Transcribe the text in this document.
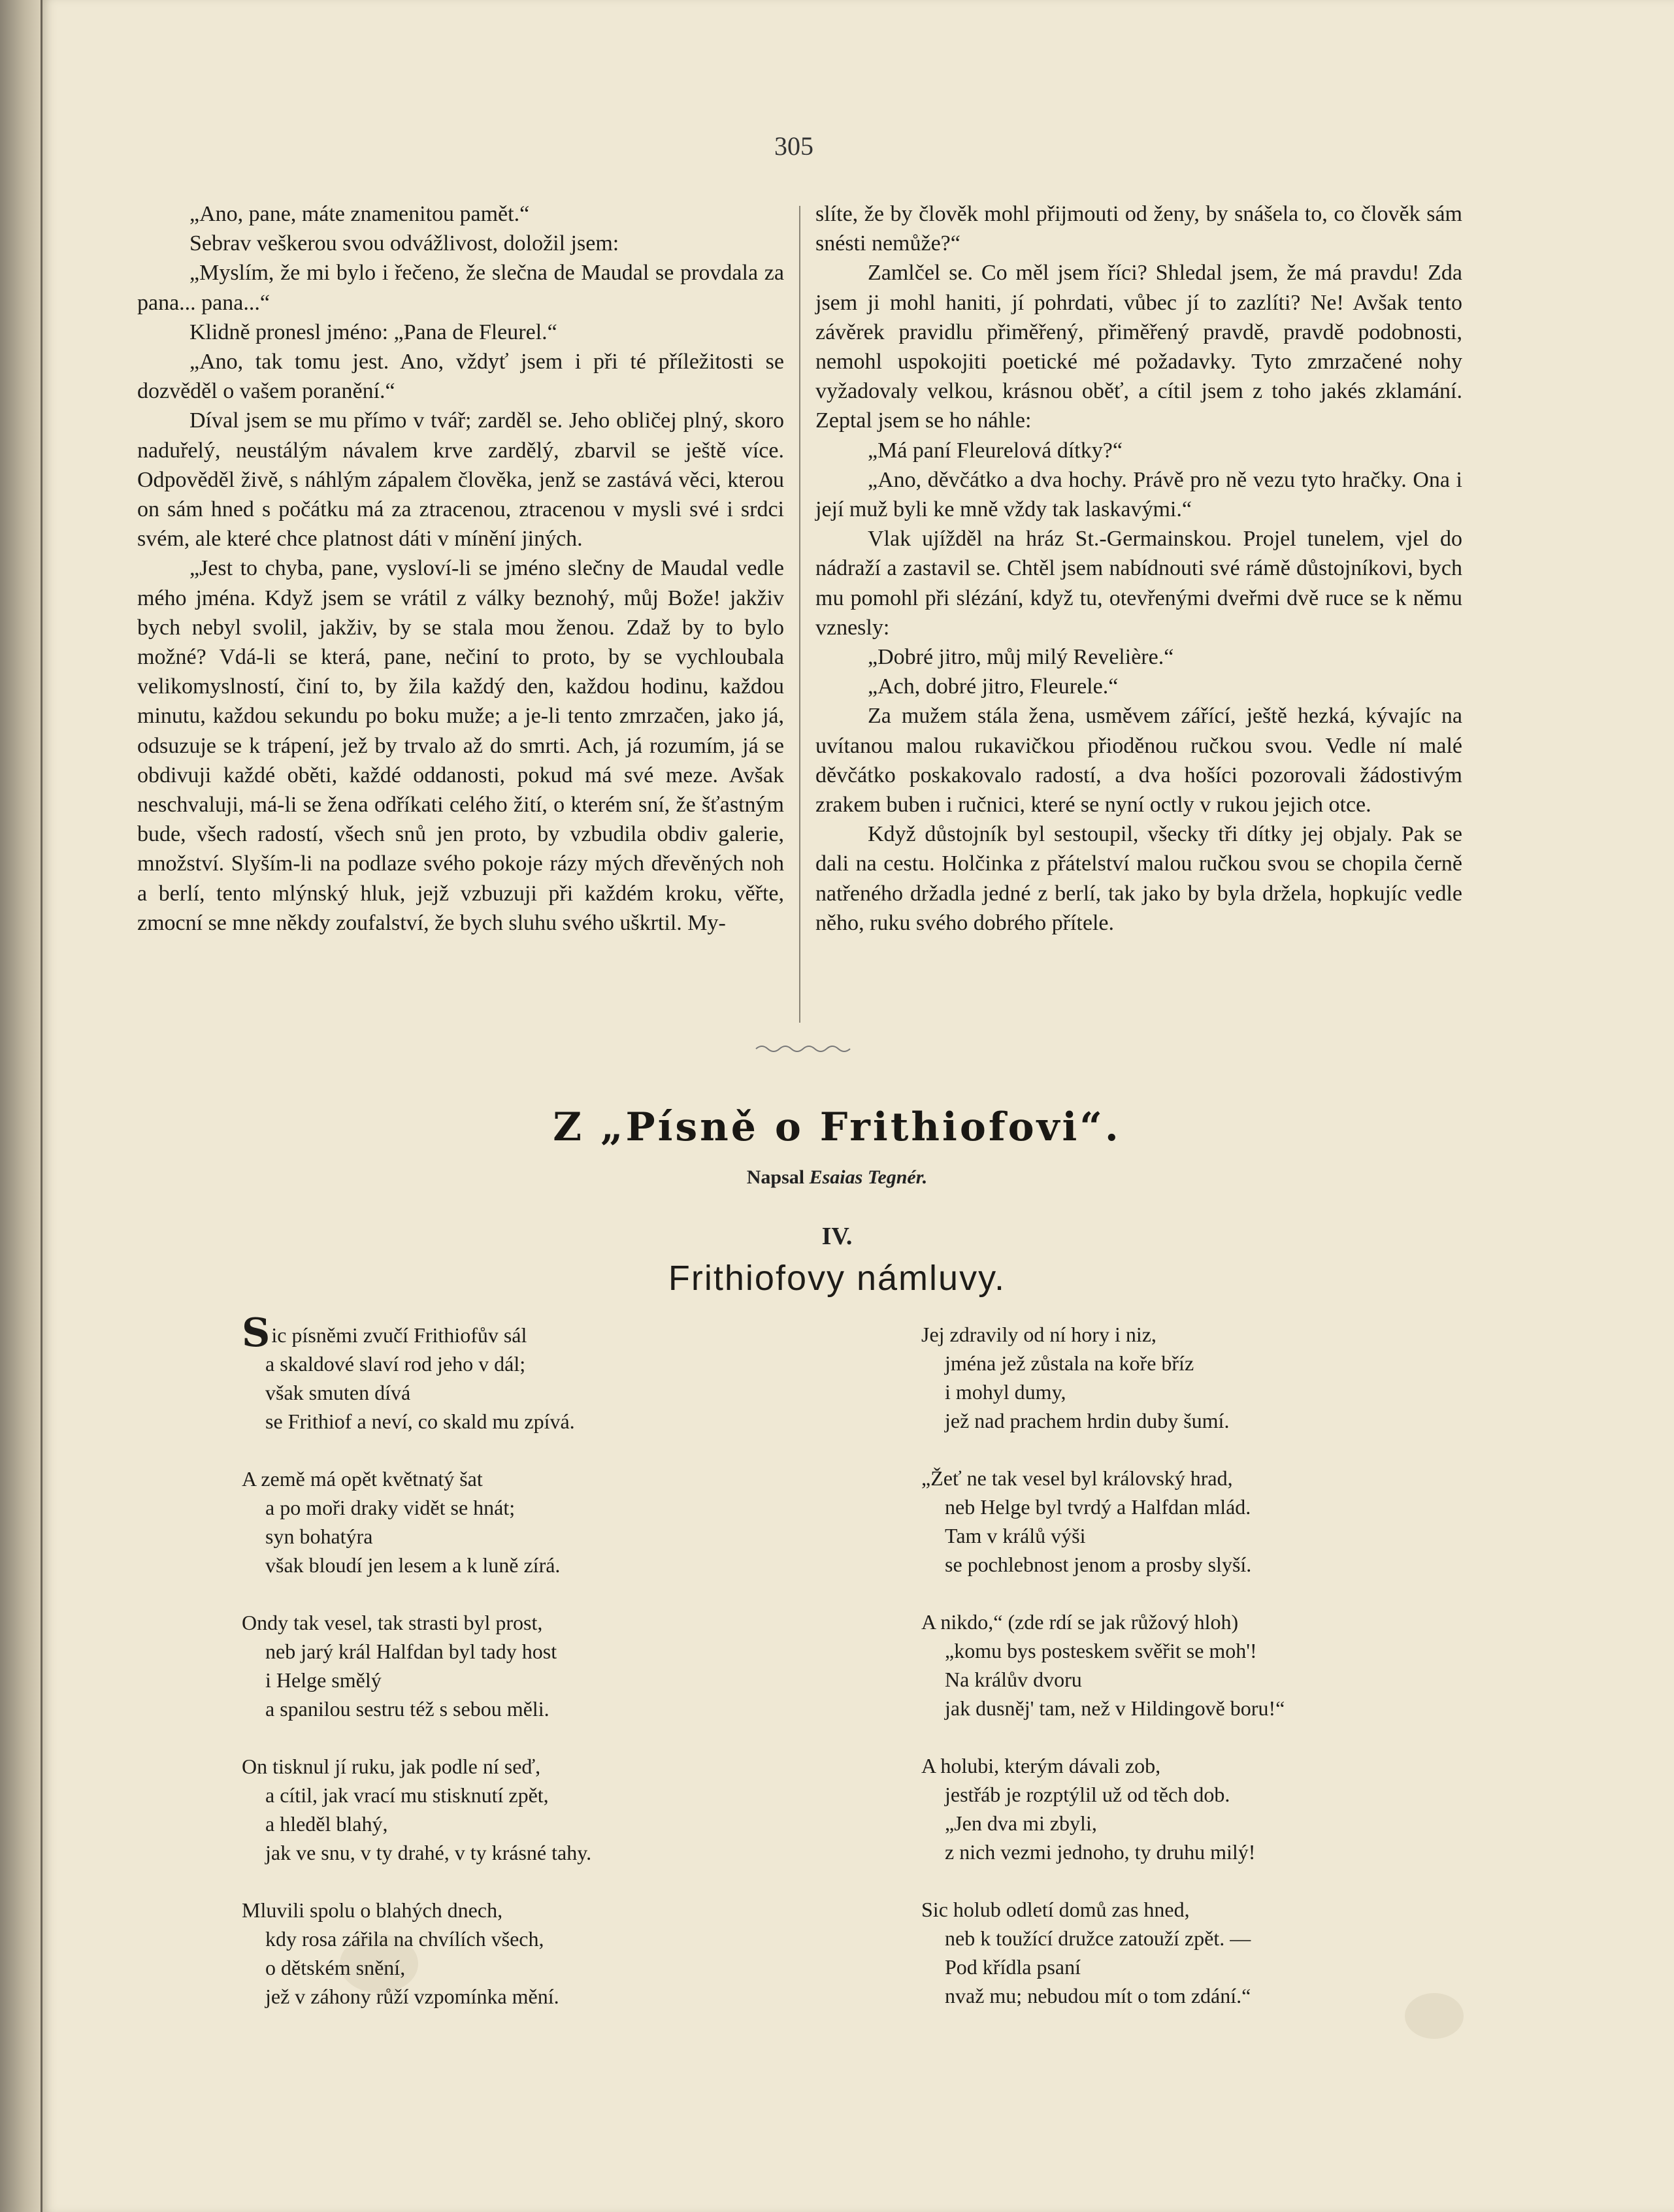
305

„Ano, pane, máte znamenitou pamět.“

Sebrav veškerou svou odvážlivost, doložil jsem:

„Myslím, že mi bylo i řečeno, že slečna de Maudal se provdala za pana... pana...“

Klidně pronesl jméno: „Pana de Fleurel.“

„Ano, tak tomu jest. Ano, vždyť jsem i při té příležitosti se dozvěděl o vašem poranění.“

Díval jsem se mu přímo v tvář; zarděl se. Jeho obličej plný, skoro naduřelý, neustálým návalem krve zardělý, zbarvil se ještě více. Odpověděl živě, s náhlým zápalem člověka, jenž se zastává věci, kterou on sám hned s počátku má za ztracenou, ztracenou v mysli své i srdci svém, ale které chce platnost dáti v mínění jiných.

„Jest to chyba, pane, vysloví-li se jméno slečny de Maudal vedle mého jména. Když jsem se vrátil z války beznohý, můj Bože! jakživ bych nebyl svolil, jakživ, by se stala mou ženou. Zdaž by to bylo možné? Vdá-li se která, pane, nečiní to proto, by se vychloubala velikomyslností, činí to, by žila každý den, každou hodinu, každou minutu, každou sekundu po boku muže; a je-li tento zmrzačen, jako já, odsuzuje se k trápení, jež by trvalo až do smrti. Ach, já rozumím, já se obdivuji každé oběti, každé oddanosti, pokud má své meze. Avšak neschvaluji, má-li se žena odříkati celého žití, o kterém sní, že šťastným bude, všech radostí, všech snů jen proto, by vzbudila obdiv galerie, množství. Slyším-li na podlaze svého pokoje rázy mých dřevěných noh a berlí, tento mlýnský hluk, jejž vzbuzuji při každém kroku, věřte, zmocní se mne někdy zoufalství, že bych sluhu svého uškrtil. My-

slíte, že by člověk mohl přijmouti od ženy, by snášela to, co člověk sám snésti nemůže?“

Zamlčel se. Co měl jsem říci? Shledal jsem, že má pravdu! Zda jsem ji mohl haniti, jí pohrdati, vůbec jí to zazlíti? Ne! Avšak tento závěrek pravidlu přiměřený, přiměřený pravdě, pravdě podobnosti, nemohl uspokojiti poetické mé požadavky. Tyto zmrzačené nohy vyžadovaly velkou, krásnou oběť, a cítil jsem z toho jakés zklamání. Zeptal jsem se ho náhle:

„Má paní Fleurelová dítky?“

„Ano, děvčátko a dva hochy. Právě pro ně vezu tyto hračky. Ona i její muž byli ke mně vždy tak laskavými.“

Vlak ujížděl na hráz St.-Germainskou. Projel tunelem, vjel do nádraží a zastavil se. Chtěl jsem nabídnouti své rámě důstojníkovi, bych mu pomohl při slézání, když tu, otevřenými dveřmi dvě ruce se k němu vznesly:

„Dobré jitro, můj milý Revelière.“

„Ach, dobré jitro, Fleurele.“

Za mužem stála žena, usměvem zářící, ještě hezká, kývajíc na uvítanou malou rukavičkou přioděnou ručkou svou. Vedle ní malé děvčátko poskakovalo radostí, a dva hošíci pozorovali žádostivým zrakem buben i ručnici, které se nyní octly v rukou jejich otce.

Když důstojník byl sestoupil, všecky tři dítky jej objaly. Pak se dali na cestu. Holčinka z přátelství malou ručkou svou se chopila černě natřeného držadla jedné z berlí, tak jako by byla držela, hopkujíc vedle něho, ruku svého dobrého přítele.

Z „Písně o Frithiofovi“.
Napsal Esaias Tegnér.
IV.
Frithiofovy námluvy.
Sic písněmi zvučí Frithiofův sál
a skaldové slaví rod jeho v dál;
však smuten dívá
se Frithiof a neví, co skald mu zpívá.
A země má opět květnatý šat
a po moři draky vidět se hnát;
syn bohatýra
však bloudí jen lesem a k luně zírá.
Ondy tak vesel, tak strasti byl prost,
neb jarý král Halfdan byl tady host
i Helge smělý
a spanilou sestru též s sebou měli.
On tisknul jí ruku, jak podle ní seď,
a cítil, jak vrací mu stisknutí zpět,
a hleděl blahý,
jak ve snu, v ty drahé, v ty krásné tahy.
Mluvili spolu o blahých dnech,
kdy rosa zářila na chvílích všech,
o dětském snění,
jež v záhony růží vzpomínka mění.
Jej zdravily od ní hory i niz,
jména jež zůstala na koře bříz
i mohyl dumy,
jež nad prachem hrdin duby šumí.
„Žeť ne tak vesel byl královský hrad,
neb Helge byl tvrdý a Halfdan mlád.
Tam v králů výši
se pochlebnost jenom a prosby slyší.
A nikdo,“ (zde rdí se jak růžový hloh)
„komu bys posteskem svěřit se moh'!
Na králův dvoru
jak dusněj' tam, než v Hildingově boru!“
A holubi, kterým dávali zob,
jestřáb je rozptýlil už od těch dob.
„Jen dva mi zbyli,
z nich vezmi jednoho, ty druhu milý!
Sic holub odletí domů zas hned,
neb k toužící družce zatouží zpět. —
Pod křídla psaní
nvaž mu; nebudou mít o tom zdání.“
